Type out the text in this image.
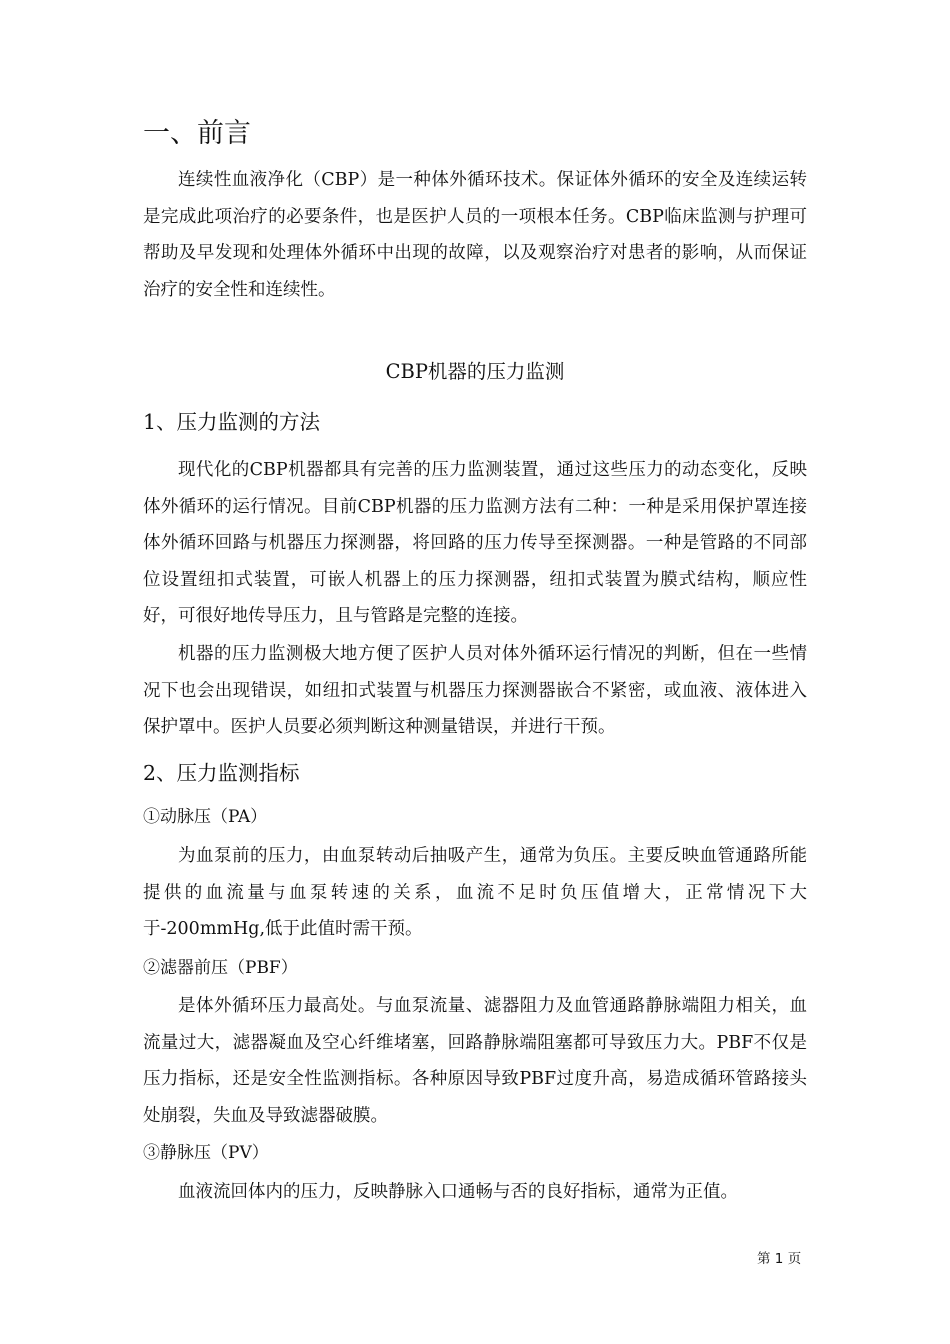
一、前言

连续性血液净化（CBP）是一种体外循环技术。保证体外循环的安全及连续运转是完成此项治疗的必要条件，也是医护人员的一项根本任务。CBP临床监测与护理可帮助及早发现和处理体外循环中出现的故障，以及观察治疗对患者的影响，从而保证治疗的安全性和连续性。

CBP机器的压力监测
1、压力监测的方法

现代化的CBP机器都具有完善的压力监测装置，通过这些压力的动态变化，反映体外循环的运行情况。目前CBP机器的压力监测方法有二种：一种是采用保护罩连接体外循环回路与机器压力探测器，将回路的压力传导至探测器。一种是管路的不同部位设置纽扣式装置，可嵌人机器上的压力探测器，纽扣式装置为膜式结构，顺应性好，可很好地传导压力，且与管路是完整的连接。

机器的压力监测极大地方便了医护人员对体外循环运行情况的判断，但在一些情况下也会出现错误，如纽扣式装置与机器压力探测器嵌合不紧密，或血液、液体进入保护罩中。医护人员要必须判断这种测量错误，并进行干预。

2、压力监测指标
①动脉压（PA）

为血泵前的压力，由血泵转动后抽吸产生，通常为负压。主要反映血管通路所能提供的血流量与血泵转速的关系，血流不足时负压值增大，正常情况下大于-200mmHg,低于此值时需干预。

②滤器前压（PBF）

是体外循环压力最高处。与血泵流量、滤器阻力及血管通路静脉端阻力相关，血流量过大，滤器凝血及空心纤维堵塞，回路静脉端阻塞都可导致压力大。PBF不仅是压力指标，还是安全性监测指标。各种原因导致PBF过度升高，易造成循环管路接头处崩裂，失血及导致滤器破膜。

③静脉压（PV）

血液流回体内的压力，反映静脉入口通畅与否的良好指标，通常为正值。

第 1 页
